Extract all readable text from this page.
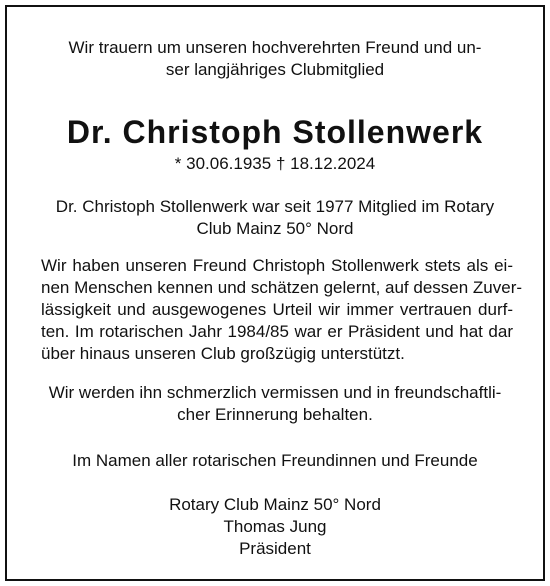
Wir trauern um unseren hochverehrten Freund und un-
ser langjähriges Clubmitglied
Dr. Christoph Stollenwerk
* 30.06.1935 † 18.12.2024
Dr. Christoph Stollenwerk war seit 1977 Mitglied im Rotary
Club Mainz 50° Nord
Wir haben unseren Freund Christoph Stollenwerk stets als ei-
nen Menschen kennen und schätzen gelernt, auf dessen Zuver-
lässigkeit und ausgewogenes Urteil wir immer vertrauen durf-
ten. Im rotarischen Jahr 1984/85 war er Präsident und hat dar
über hinaus unseren Club großzügig unterstützt.
Wir werden ihn schmerzlich vermissen und in freundschaftli-
cher Erinnerung behalten.
Im Namen aller rotarischen Freundinnen und Freunde
Rotary Club Mainz 50° Nord
Thomas Jung
Präsident
